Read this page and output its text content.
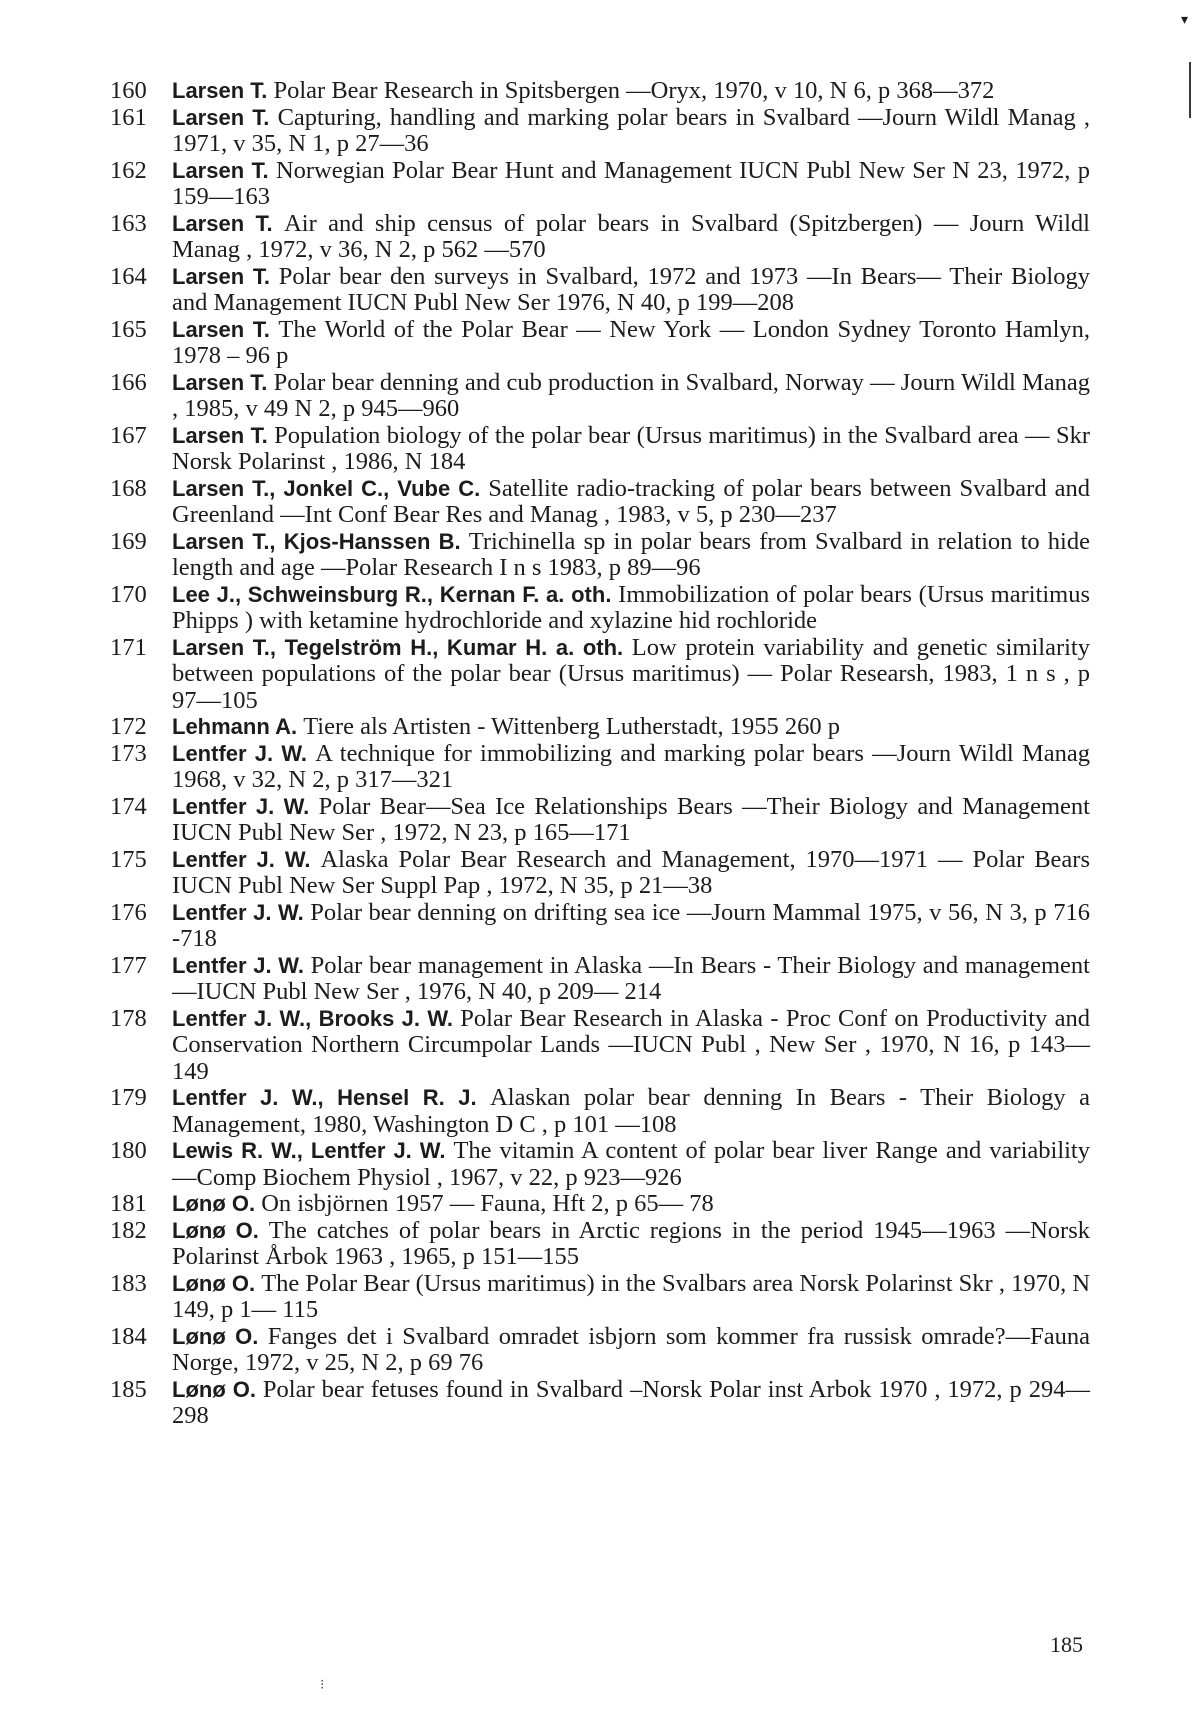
▾
160	Larsen T. Polar Bear Research in Spitsbergen —Oryx, 1970, v 10, N 6, p 368—372
161	Larsen T. Capturing, handling and marking polar bears in Svalbard —Journ Wildl Manag , 1971, v 35, N 1, p 27—36
162	Larsen T. Norwegian Polar Bear Hunt and Management IUCN Publ New Ser N 23, 1972, p 159—163
163	Larsen T. Air and ship census of polar bears in Svalbard (Spitzbergen) — Journ Wildl Manag , 1972, v 36, N 2, p 562 —570
164	Larsen T. Polar bear den surveys in Svalbard, 1972 and 1973 —In Bears— Their Biology and Management IUCN Publ New Ser 1976, N 40, p 199—208
165	Larsen T. The World of the Polar Bear — New York — London Sydney Toronto Hamlyn, 1978 – 96 p
166	Larsen T. Polar bear denning and cub production in Svalbard, Norway — Journ Wildl Manag , 1985, v 49 N 2, p 945—960
167	Larsen T. Population biology of the polar bear (Ursus maritimus) in the Svalbard area — Skr Norsk Polarinst , 1986, N 184
168	Larsen T., Jonkel C., Vube C. Satellite radio-tracking of polar bears between Svalbard and Greenland —Int Conf Bear Res and Manag , 1983, v 5, p 230—237
169	Larsen T., Kjos-Hanssen B. Trichinella sp in polar bears from Svalbard in relation to hide length and age —Polar Research I n s 1983, p 89—96
170	Lee J., Schweinsburg R., Kernan F. a. oth. Immobilization of polar bears (Ursus maritimus Phipps ) with ketamine hydrochloride and xylazine hid rochloride
171	Larsen T., Tegelström H., Kumar H. a. oth. Low protein variability and genetic similarity between populations of the polar bear (Ursus maritimus) — Polar Researsh, 1983, 1 n s , p 97—105
172	Lehmann A. Tiere als Artisten - Wittenberg Lutherstadt, 1955 260 p
173	Lentfer J. W. A technique for immobilizing and marking polar bears —Journ Wildl Manag 1968, v 32, N 2, p 317—321
174	Lentfer J. W. Polar Bear—Sea Ice Relationships Bears —Their Biology and Management IUCN Publ New Ser , 1972, N 23, p 165—171
175	Lentfer J. W. Alaska Polar Bear Research and Management, 1970—1971 — Polar Bears IUCN Publ New Ser Suppl Pap , 1972, N 35, p 21—38
176	Lentfer J. W. Polar bear denning on drifting sea ice —Journ Mammal 1975, v 56, N 3, p 716 -718
177	Lentfer J. W. Polar bear management in Alaska —In Bears - Their Biology and management —IUCN Publ New Ser , 1976, N 40, p 209— 214
178	Lentfer J. W., Brooks J. W. Polar Bear Research in Alaska - Proc Conf on Productivity and Conservation Northern Circumpolar Lands —IUCN Publ , New Ser , 1970, N 16, p 143—149
179	Lentfer J. W., Hensel R. J. Alaskan polar bear denning In Bears - Their Biology a Management, 1980, Washington D C , p 101 —108
180	Lewis R. W., Lentfer J. W. The vitamin A content of polar bear liver Range and variability —Comp Biochem Physiol , 1967, v 22, p 923—926
181	Lønø O. On isbjörnen 1957 — Fauna, Hft 2, p 65— 78
182	Lønø O. The catches of polar bears in Arctic regions in the period 1945—1963 —Norsk Polarinst Årbok 1963 , 1965, p 151—155
183	Lønø O. The Polar Bear (Ursus maritimus) in the Svalbars area Norsk Polarinst Skr , 1970, N 149, p 1— 115
184	Lønø O. Fanges det i Svalbard omradet isbjorn som kommer fra russisk omrade?—Fauna Norge, 1972, v 25, N 2, p 69 76
185	Lønø O. Polar bear fetuses found in Svalbard –Norsk Polar inst Arbok 1970 , 1972, p 294— 298
185
⁝
